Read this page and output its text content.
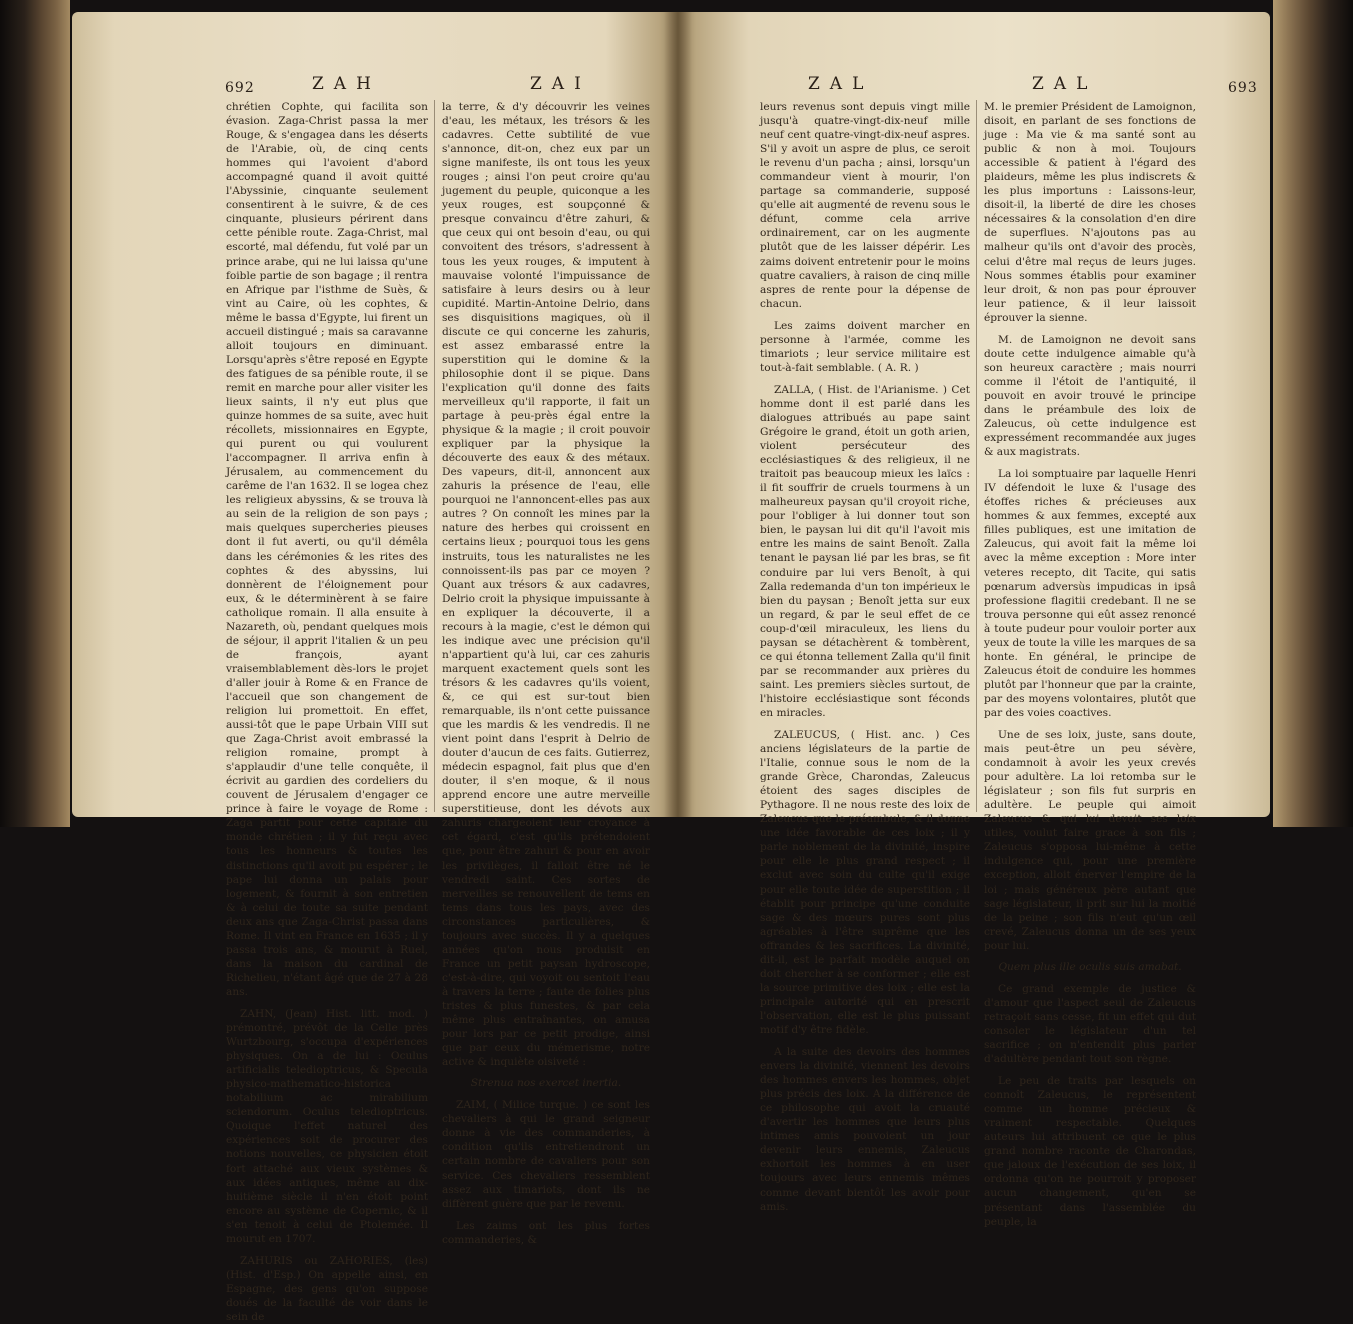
692	ZAH	ZAI	ZAL	ZAL	693

chrétien Cophte, qui facilita son évasion. Zaga-Christ passa la mer Rouge, & s'engagea dans les déserts de l'Arabie, où, de cinq cents hommes qui l'avoient d'abord accompagné quand il avoit quitté l'Abyssinie, cinquante seulement consentirent à le suivre, & de ces cinquante, plusieurs périrent dans cette pénible route. Zaga-Christ, mal escorté, mal défendu, fut volé par un prince arabe, qui ne lui laissa qu'une foible partie de son bagage ; il rentra en Afrique par l'isthme de Suès, & vint au Caire, où les cophtes, & même le bassa d'Egypte, lui firent un accueil distingué ; mais sa caravanne alloit toujours en diminuant. Lorsqu'après s'être reposé en Egypte des fatigues de sa pénible route, il se remit en marche pour aller visiter les lieux saints, il n'y eut plus que quinze hommes de sa suite, avec huit récollets, missionnaires en Egypte, qui purent ou qui voulurent l'accompagner. Il arriva enfin à Jérusalem, au commencement du carême de l'an 1632. Il se logea chez les religieux abyssins, & se trouva là au sein de la religion de son pays ; mais quelques supercheries pieuses dont il fut averti, ou qu'il démêla dans les cérémonies & les rites des cophtes & des abyssins, lui donnèrent de l'éloignement pour eux, & le déterminèrent à se faire catholique romain. Il alla ensuite à Nazareth, où, pendant quelques mois de séjour, il apprit l'italien & un peu de françois, ayant vraisemblablement dès-lors le projet d'aller jouir à Rome & en France de l'accueil que son changement de religion lui promettoit. En effet, aussi-tôt que le pape Urbain VIII sut que Zaga-Christ avoit embrassé la religion romaine, prompt à s'applaudir d'une telle conquête, il écrivit au gardien des cordeliers du couvent de Jérusalem d'engager ce prince à faire le voyage de Rome : Zaga partit pour cette capitale du monde chrétien ; il y fut reçu avec tous les honneurs & toutes les distinctions qu'il avoit pu espérer ; le pape lui donna un palais pour logement, & fournit à son entretien & à celui de toute sa suite pendant deux ans que Zaga-Christ passa dans Rome. Il vint en France en 1635 ; il y passa trois ans, & mourut à Ruel, dans la maison du cardinal de Richelieu, n'étant âgé que de 27 à 28 ans.

ZAHN, (Jean) Hist. litt. mod. ) prémontré, prévôt de la Celle près Wurtzbourg, s'occupa d'expériences physiques. On a de lui : Oculus artificialis teledioptricus, & Specula physico-mathematico-historica notabilium ac mirabilium sciendorum. Oculus teledioptricus. Quoique l'effet naturel des expériences soit de procurer des notions nouvelles, ce physicien étoit fort attaché aux vieux systèmes & aux idées antiques, même au dix-huitième siècle il n'en étoit point encore au système de Copernic, & il s'en tenoit à celui de Ptolemée. Il mourut en 1707.

ZAHURIS ou ZAHORIES, (les) (Hist. d'Esp.) On appelle ainsi, en Espagne, des gens qu'on suppose doués de la faculté de voir dans le sein de

la terre, & d'y découvrir les veines d'eau, les métaux, les trésors & les cadavres. Cette subtilité de vue s'annonce, dit-on, chez eux par un signe manifeste, ils ont tous les yeux rouges ; ainsi l'on peut croire qu'au jugement du peuple, quiconque a les yeux rouges, est soupçonné & presque convaincu d'être zahuri, & que ceux qui ont besoin d'eau, ou qui convoitent des trésors, s'adressent à tous les yeux rouges, & imputent à mauvaise volonté l'impuissance de satisfaire à leurs desirs ou à leur cupidité. Martin-Antoine Delrio, dans ses disquisitions magiques, où il discute ce qui concerne les zahuris, est assez embarassé entre la superstition qui le domine & la philosophie dont il se pique. Dans l'explication qu'il donne des faits merveilleux qu'il rapporte, il fait un partage à peu-près égal entre la physique & la magie ; il croit pouvoir expliquer par la physique la découverte des eaux & des métaux. Des vapeurs, dit-il, annoncent aux zahuris la présence de l'eau, elle pourquoi ne l'annoncent-elles pas aux autres ? On connoît les mines par la nature des herbes qui croissent en certains lieux ; pourquoi tous les gens instruits, tous les naturalistes ne les connoissent-ils pas par ce moyen ? Quant aux trésors & aux cadavres, Delrio croit la physique impuissante à en expliquer la découverte, il a recours à la magie, c'est le démon qui les indique avec une précision qu'il n'appartient qu'à lui, car ces zahuris marquent exactement quels sont les trésors & les cadavres qu'ils voient, &, ce qui est sur-tout bien remarquable, ils n'ont cette puissance que les mardis & les vendredis. Il ne vient point dans l'esprit à Delrio de douter d'aucun de ces faits. Gutierrez, médecin espagnol, fait plus que d'en douter, il s'en moque, & il nous apprend encore une autre merveille superstitieuse, dont les dévots aux zahuris chargeoient leur croyance à cet égard, c'est qu'ils prétendoient que, pour être zahuri & pour en avoir les privilèges, il falloit être né le vendredi saint. Ces sortes de merveilles se renouvellent de tems en tems dans tous les pays, avec des circonstances particulières, & toujours avec succès. Il y a quelques années qu'on nous produisit en France un petit paysan hydroscope, c'est-à-dire, qui voyoit ou sentoit l'eau à travers la terre ; faute de folies plus tristes & plus funestes, & par cela même plus entraînantes, on amusa pour lors par ce petit prodige, ainsi que par ceux du mémerisme, notre active & inquiète oisiveté :

Strenua nos exercet inertia.

ZAIM, ( Milice turque. ) ce sont les chevaliers à qui le grand seigneur donne à vie des commanderies, à condition qu'ils entretiendront un certain nombre de cavaliers pour son service. Ces chevaliers ressemblent assez aux timariots, dont ils ne diffèrent guère que par le revenu.

Les zaims ont les plus fortes commanderies, &

leurs revenus sont depuis vingt mille jusqu'à quatre-vingt-dix-neuf mille neuf cent quatre-vingt-dix-neuf aspres. S'il y avoit un aspre de plus, ce seroit le revenu d'un pacha ; ainsi, lorsqu'un commandeur vient à mourir, l'on partage sa commanderie, supposé qu'elle ait augmenté de revenu sous le défunt, comme cela arrive ordinairement, car on les augmente plutôt que de les laisser dépérir. Les zaims doivent entretenir pour le moins quatre cavaliers, à raison de cinq mille aspres de rente pour la dépense de chacun.

Les zaims doivent marcher en personne à l'armée, comme les timariots ; leur service militaire est tout-à-fait semblable. ( A. R. )

ZALLA, ( Hist. de l'Arianisme. ) Cet homme dont il est parlé dans les dialogues attribués au pape saint Grégoire le grand, étoit un goth arien, violent persécuteur des ecclésiastiques & des religieux, il ne traitoit pas beaucoup mieux les laïcs : il fit souffrir de cruels tourmens à un malheureux paysan qu'il croyoit riche, pour l'obliger à lui donner tout son bien, le paysan lui dit qu'il l'avoit mis entre les mains de saint Benoît. Zalla tenant le paysan lié par les bras, se fit conduire par lui vers Benoît, à qui Zalla redemanda d'un ton impérieux le bien du paysan ; Benoît jetta sur eux un regard, & par le seul effet de ce coup-d'œil miraculeux, les liens du paysan se détachèrent & tombèrent, ce qui étonna tellement Zalla qu'il finit par se recommander aux prières du saint. Les premiers siècles surtout, de l'histoire ecclésiastique sont féconds en miracles.

ZALEUCUS, ( Hist. anc. ) Ces anciens législateurs de la partie de l'Italie, connue sous le nom de la grande Grèce, Charondas, Zaleucus étoient des sages disciples de Pythagore. Il ne nous reste des loix de Zaleucus que le préambule, & il donne une idée favorable de ces loix ; il y parle noblement de la divinité, inspire pour elle le plus grand respect ; il exclut avec soin du culte qu'il exige pour elle toute idée de superstition ; il établit pour principe qu'une conduite sage & des mœurs pures sont plus agréables à l'être suprême que les offrandes & les sacrifices. La divinité, dit-il, est le parfait modèle auquel on doit chercher à se conformer ; elle est la source primitive des loix ; elle est la principale autorité qui en prescrit l'observation, elle est le plus puissant motif d'y être fidèle.

A la suite des devoirs des hommes envers la divinité, viennent les devoirs des hommes envers les hommes, objet plus précis des loix. A la différence de ce philosophe qui avoit la cruauté d'avertir les hommes que leurs plus intimes amis pouvoient un jour devenir leurs ennemis, Zaleucus exhortoit les hommes à en user toujours avec leurs ennemis mêmes comme devant bientôt les avoir pour amis.

M. le premier Président de Lamoignon, disoit, en parlant de ses fonctions de juge : Ma vie & ma santé sont au public & non à moi. Toujours accessible & patient à l'égard des plaideurs, même les plus indiscrets & les plus importuns : Laissons-leur, disoit-il, la liberté de dire les choses nécessaires & la consolation d'en dire de superflues. N'ajoutons pas au malheur qu'ils ont d'avoir des procès, celui d'être mal reçus de leurs juges. Nous sommes établis pour examiner leur droit, & non pas pour éprouver leur patience, & il leur laissoit éprouver la sienne.

M. de Lamoignon ne devoit sans doute cette indulgence aimable qu'à son heureux caractère ; mais nourri comme il l'étoit de l'antiquité, il pouvoit en avoir trouvé le principe dans le préambule des loix de Zaleucus, où cette indulgence est expressément recommandée aux juges & aux magistrats.

La loi somptuaire par laquelle Henri IV défendoit le luxe & l'usage des étoffes riches & précieuses aux hommes & aux femmes, excepté aux filles publiques, est une imitation de Zaleucus, qui avoit fait la même loi avec la même exception : More inter veteres recepto, dit Tacite, qui satis pœnarum adversùs impudicas in ipsâ professione flagitii credebant. Il ne se trouva personne qui eût assez renoncé à toute pudeur pour vouloir porter aux yeux de toute la ville les marques de sa honte. En général, le principe de Zaleucus étoit de conduire les hommes plutôt par l'honneur que par la crainte, par des moyens volontaires, plutôt que par des voies coactives.

Une de ses loix, juste, sans doute, mais peut-être un peu sévère, condamnoit à avoir les yeux crevés pour adultère. La loi retomba sur le législateur ; son fils fut surpris en adultère. Le peuple qui aimoit Zaleucus & qui lui devoit ses loix utiles, voulut faire grace à son fils ; Zaleucus s'opposa lui-même à cette indulgence qui, pour une première exception, alloit énerver l'empire de la loi ; mais généreux père autant que sage législateur, il prit sur lui la moitié de la peine ; son fils n'eut qu'un œil crevé, Zaleucus donna un de ses yeux pour lui.

Quem plus ille oculis suis amabat.

Ce grand exemple de justice & d'amour que l'aspect seul de Zaleucus retraçoit sans cesse, fit un effet qui dut consoler le législateur d'un tel sacrifice ; on n'entendit plus parler d'adultère pendant tout son règne.

Le peu de traits par lesquels on connoît Zaleucus, le représentent comme un homme précieux & vraiment respectable. Quelques auteurs lui attribuent ce que le plus grand nombre raconte de Charondas, que jaloux de l'exécution de ses loix, il ordonna qu'on ne pourroit y proposer aucun changement, qu'en se présentant dans l'assemblée du peuple, la
